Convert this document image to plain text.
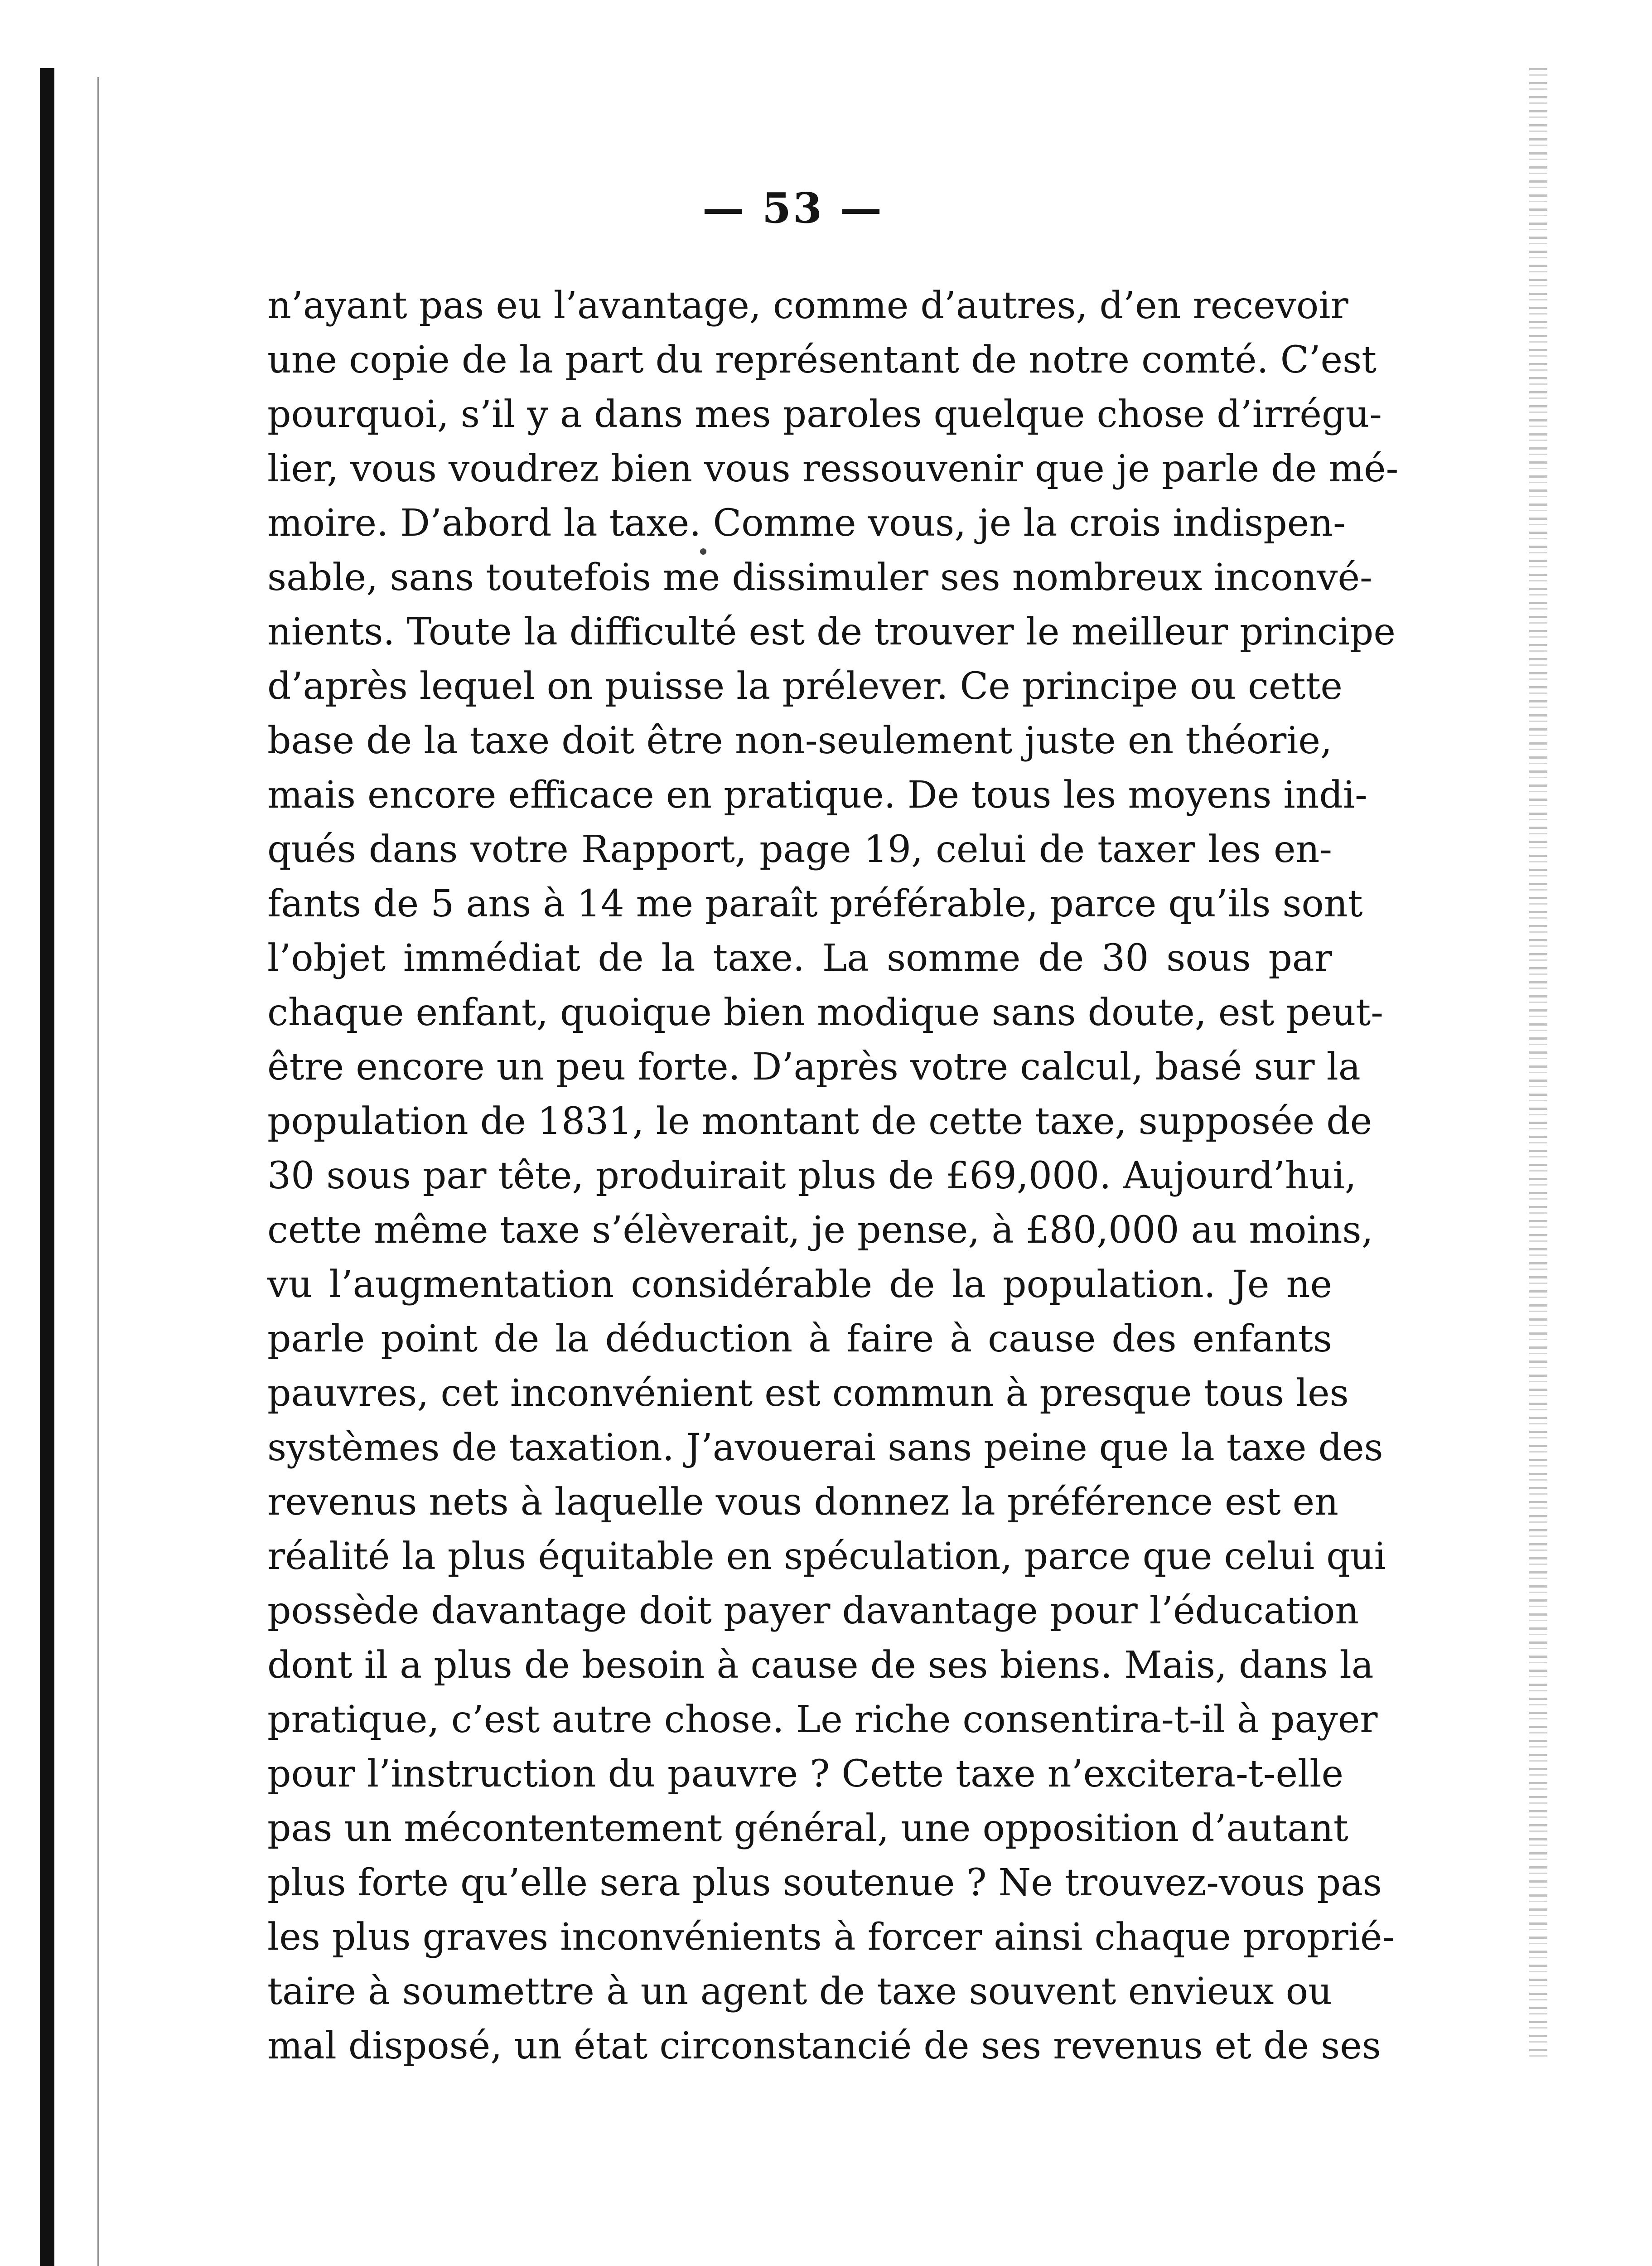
— 53 —
n’ayant pas eu l’avantage, comme d’autres, d’en recevoir
une copie de la part du représentant de notre comté. C’est
pourquoi, s’il y a dans mes paroles quelque chose d’irrégu-
lier, vous voudrez bien vous ressouvenir que je parle de mé-
moire. D’abord la taxe. Comme vous, je la crois indispen-
sable, sans toutefois me dissimuler ses nombreux inconvé-
nients. Toute la difficulté est de trouver le meilleur principe
d’après lequel on puisse la prélever. Ce principe ou cette
base de la taxe doit être non-seulement juste en théorie,
mais encore efficace en pratique. De tous les moyens indi-
qués dans votre Rapport, page 19, celui de taxer les en-
fants de 5 ans à 14 me paraît préférable, parce qu’ils sont
l’objet immédiat de la taxe. La somme de 30 sous par
chaque enfant, quoique bien modique sans doute, est peut-
être encore un peu forte. D’après votre calcul, basé sur la
population de 1831, le montant de cette taxe, supposée de
30 sous par tête, produirait plus de £69,000. Aujourd’hui,
cette même taxe s’élèverait, je pense, à £80,000 au moins,
vu l’augmentation considérable de la population. Je ne
parle point de la déduction à faire à cause des enfants
pauvres, cet inconvénient est commun à presque tous les
systèmes de taxation. J’avouerai sans peine que la taxe des
revenus nets à laquelle vous donnez la préférence est en
réalité la plus équitable en spéculation, parce que celui qui
possède davantage doit payer davantage pour l’éducation
dont il a plus de besoin à cause de ses biens. Mais, dans la
pratique, c’est autre chose. Le riche consentira-t-il à payer
pour l’instruction du pauvre ? Cette taxe n’excitera-t-elle
pas un mécontentement général, une opposition d’autant
plus forte qu’elle sera plus soutenue ? Ne trouvez-vous pas
les plus graves inconvénients à forcer ainsi chaque proprié-
taire à soumettre à un agent de taxe souvent envieux ou
mal disposé, un état circonstancié de ses revenus et de ses
